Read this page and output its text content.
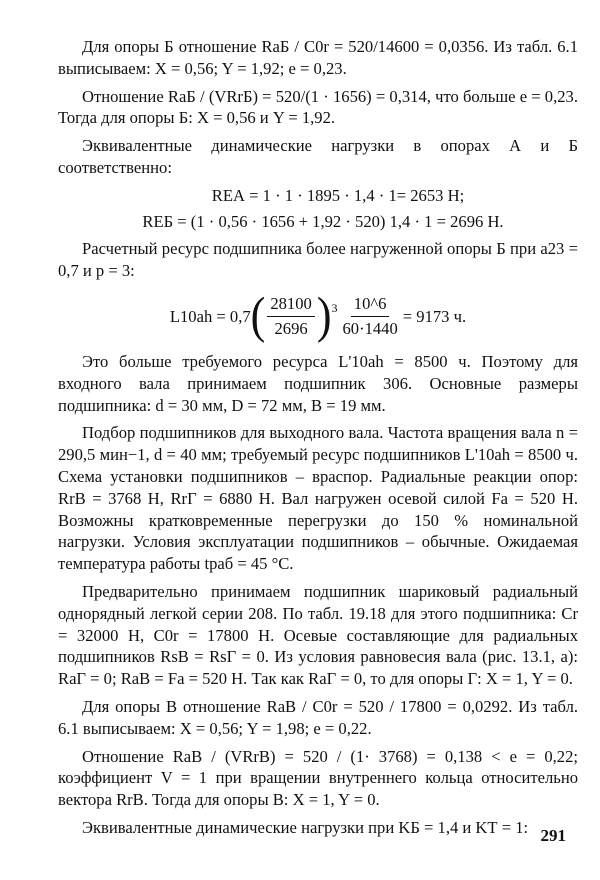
Для опоры Б отношение RaБ / C0r = 520/14600 = 0,0356. Из табл. 6.1 выписываем: X = 0,56; Y = 1,92; e = 0,23.

Отношение RaБ / (VRrБ) = 520/(1 · 1656) = 0,314, что больше e = 0,23. Тогда для опоры Б: X = 0,56 и Y = 1,92.

Эквивалентные динамические нагрузки в опорах А и Б соответственно:

RЕА = 1 · 1 · 1895 · 1,4 · 1= 2653 Н;

RЕБ = (1 · 0,56 · 1656 + 1,92 · 520) 1,4 · 1 = 2696 Н.

Расчетный ресурс подшипника более нагруженной опоры Б при a23 = 0,7 и p = 3:

L10ah = 0,7 ( $\frac{28100}{2696}$ ) $3 \frac{10\^{}6}{60\cdot 1440} = 9173$ ч.

Это больше требуемого ресурса L'10ah = 8500 ч. Поэтому для входного вала принимаем подшипник 306. Основные размеры подшипника: d = 30 мм, D = 72 мм, B = 19 мм.

Подбор подшипников для выходного вала. Частота вращения вала n = 290,5 мин−1, d = 40 мм; требуемый ресурс подшипников L'10ah = 8500 ч. Схема установки подшипников – враспор. Радиальные реакции опор: RrВ = 3768 Н, RrГ = 6880 Н. Вал нагружен осевой силой Fa = 520 Н. Возможны кратковременные перегрузки до 150 % номинальной нагрузки. Условия эксплуатации подшипников – обычные. Ожидаемая температура работы tраб = 45 °С.

Предварительно принимаем подшипник шариковый радиальный однорядный легкой серии 208. По табл. 19.18 для этого подшипника: Cr = 32000 Н, C0r = 17800 Н. Осевые составляющие для радиальных подшипников RsВ = RsГ = 0. Из условия равновесия вала (рис. 13.1, a): RaГ = 0; RaВ = Fa = 520 Н. Так как RaГ = 0, то для опоры Г: X = 1, Y = 0.

Для опоры В отношение RaВ / C0r = 520 / 17800 = 0,0292. Из табл. 6.1 выписываем: X = 0,56; Y = 1,98; e = 0,22.

Отношение RaВ / (VRrВ) = 520 / (1· 3768) = 0,138 < e = 0,22; коэффициент V = 1 при вращении внутреннего кольца относительно вектора RrВ. Тогда для опоры В: X = 1, Y = 0.

Эквивалентные динамические нагрузки при KБ = 1,4 и KТ = 1: 291
